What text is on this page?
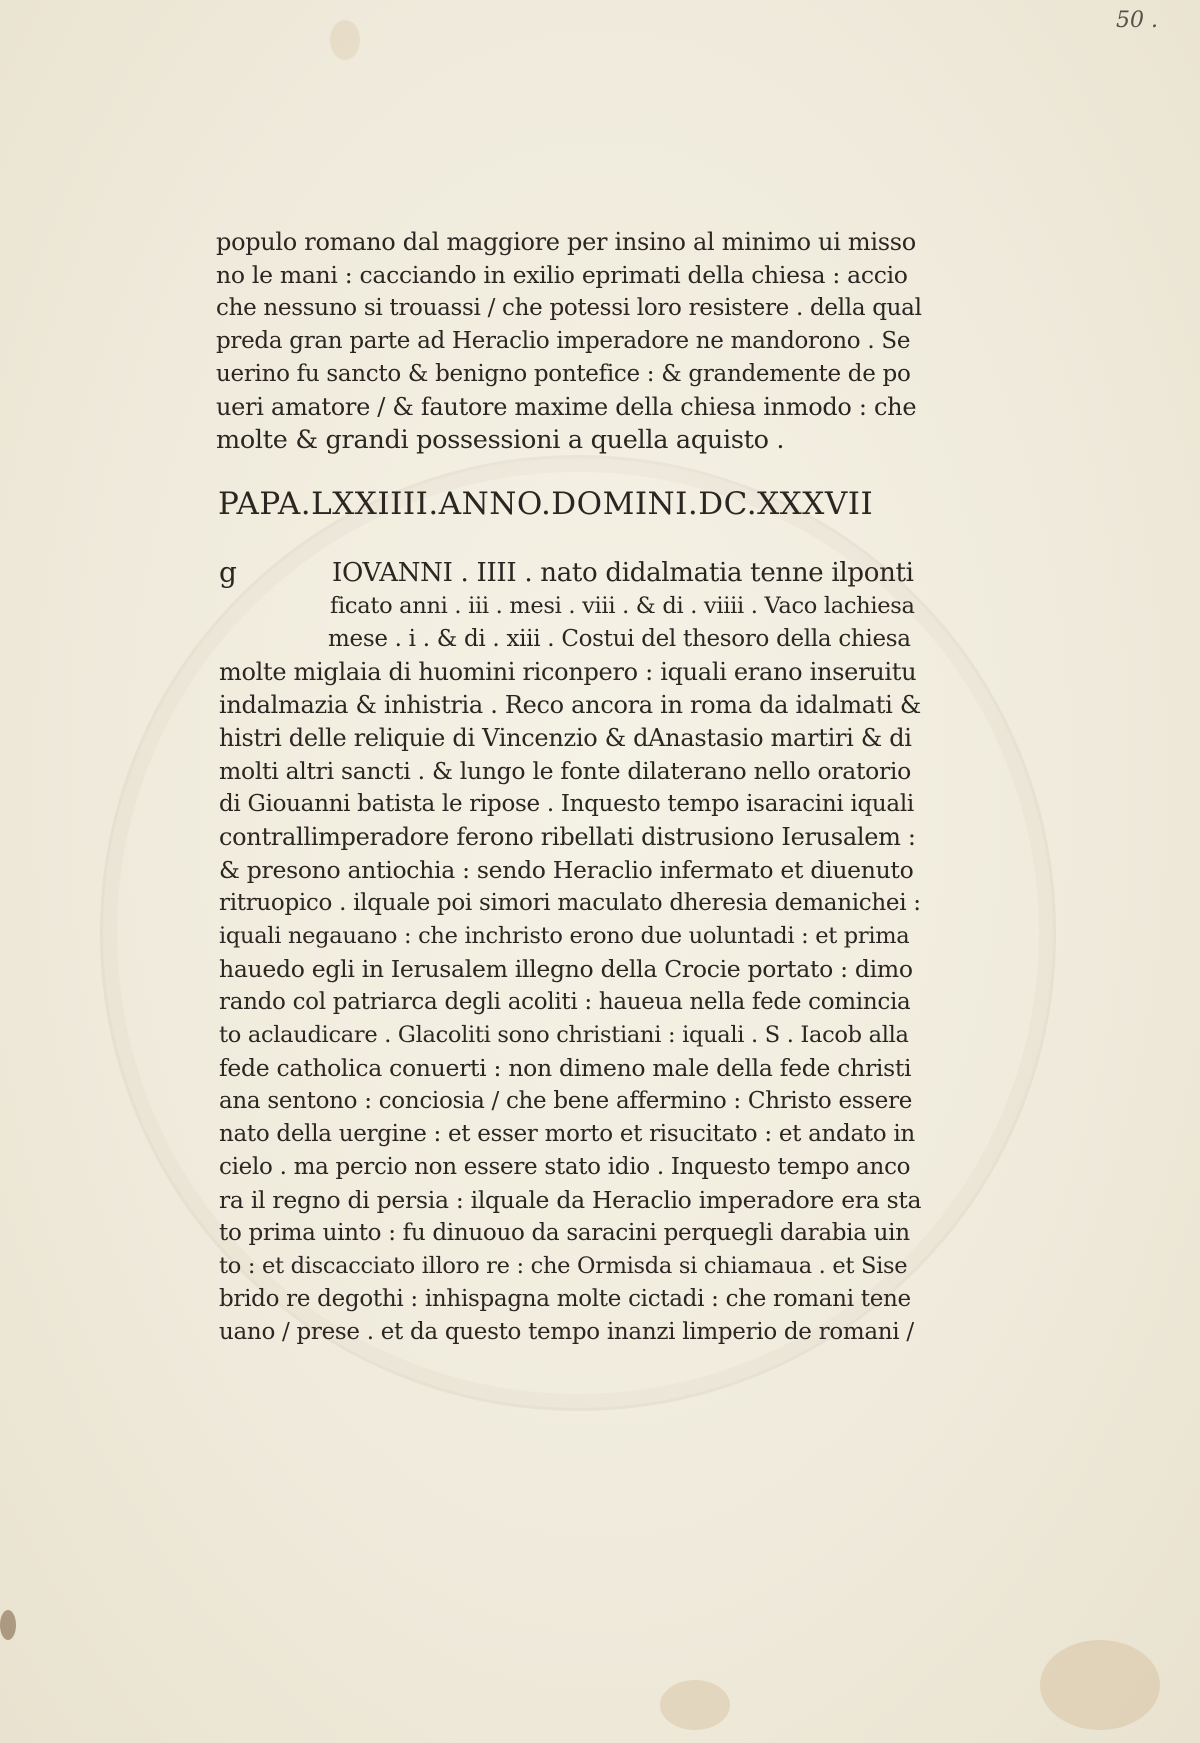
50 .
populo romano dal maggiore per insino al minimo ui misso
no le mani : cacciando in exilio eprimati della chiesa : accio
che nessuno si trouassi / che potessi loro resistere . della qual
preda gran parte ad Heraclio imperadore ne mandorono . Se
uerino fu sancto & benigno pontefice : & grandemente de po
ueri amatore / & fautore maxime della chiesa inmodo : che
molte & grandi possessioni a quella aquisto .
PAPA.LXXIIII.ANNO.DOMINI.DC.XXXVII
g	IOVANNI . IIII . nato didalmatia tenne ilponti
ficato anni . iii . mesi . viii . & di . viiii . Vaco lachiesa
mese . i . & di . xiii . Costui del thesoro della chiesa
molte miglaia di huomini riconpero : iquali erano inseruitu
indalmazia & inhistria . Reco ancora in roma da idalmati &
histri delle reliquie di Vincenzio & dAnastasio martiri & di
molti altri sancti . & lungo le fonte dilaterano nello oratorio
di Giouanni batista le ripose . Inquesto tempo isaracini iquali
contrallimperadore ferono ribellati distrusiono Ierusalem :
& presono antiochia : sendo Heraclio infermato et diuenuto
ritruopico . ilquale poi simori maculato dheresia demanichei :
iquali negauano : che inchristo erono due uoluntadi : et prima
hauedo egli in Ierusalem illegno della Crocie portato : dimo
rando col patriarca degli acoliti : haueua nella fede comincia
to aclaudicare . Glacoliti sono christiani : iquali . S . Iacob alla
fede catholica conuerti : non dimeno male della fede christi
ana sentono : conciosia / che bene affermino : Christo essere
nato della uergine : et esser morto et risucitato : et andato in
cielo . ma percio non essere stato idio . Inquesto tempo anco
ra il regno di persia : ilquale da Heraclio imperadore era sta
to prima uinto : fu dinuouo da saracini perquegli darabia uin
to : et discacciato illoro re : che Ormisda si chiamaua . et Sise
brido re degothi : inhispagna molte cictadi : che romani tene
uano / prese . et da questo tempo inanzi limperio de romani /
